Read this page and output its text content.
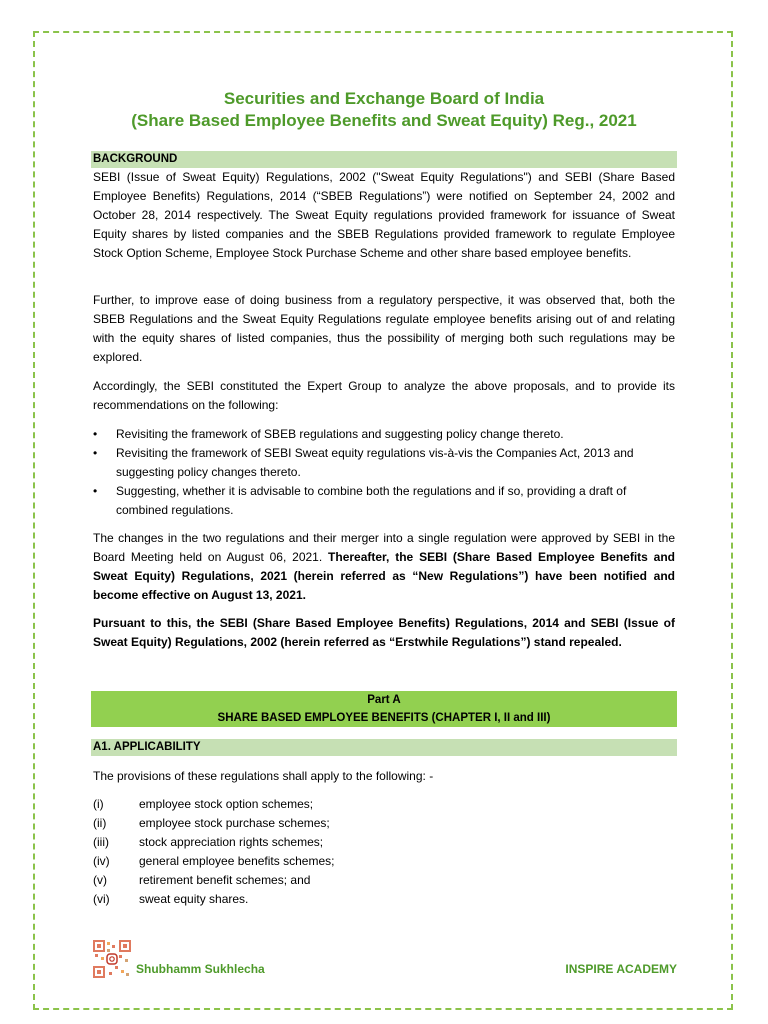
Securities and Exchange Board of India
(Share Based Employee Benefits and Sweat Equity) Reg., 2021
BACKGROUND

SEBI (Issue of Sweat Equity) Regulations, 2002 ("Sweat Equity Regulations") and SEBI (Share Based Employee Benefits) Regulations, 2014 (“SBEB Regulations”) were notified on September 24, 2002 and October 28, 2014 respectively. The Sweat Equity regulations provided framework for issuance of Sweat Equity shares by listed companies and the SBEB Regulations provided framework to regulate Employee Stock Option Scheme, Employee Stock Purchase Scheme and other share based employee benefits.

Further, to improve ease of doing business from a regulatory perspective, it was observed that, both the SBEB Regulations and the Sweat Equity Regulations regulate employee benefits arising out of and relating with the equity shares of listed companies, thus the possibility of merging both such regulations may be explored.

Accordingly, the SEBI constituted the Expert Group to analyze the above proposals, and to provide its recommendations on the following:

• Revisiting the framework of SBEB regulations and suggesting policy change thereto.
• Revisiting the framework of SEBI Sweat equity regulations vis-à-vis the Companies Act, 2013 and suggesting policy changes thereto.
• Suggesting, whether it is advisable to combine both the regulations and if so, providing a draft of combined regulations.

The changes in the two regulations and their merger into a single regulation were approved by SEBI in the Board Meeting held on August 06, 2021. Thereafter, the SEBI (Share Based Employee Benefits and Sweat Equity) Regulations, 2021 (herein referred as “New Regulations”) have been notified and become effective on August 13, 2021.

Pursuant to this, the SEBI (Share Based Employee Benefits) Regulations, 2014 and SEBI (Issue of Sweat Equity) Regulations, 2002 (herein referred as “Erstwhile Regulations”) stand repealed.

Part A
SHARE BASED EMPLOYEE BENEFITS (CHAPTER I, II and III)
A1. APPLICABILITY

The provisions of these regulations shall apply to the following: -

(i)	employee stock option schemes;
(ii)	employee stock purchase schemes;
(iii)	stock appreciation rights schemes;
(iv) general employee benefits schemes;
(v)	retirement benefit schemes; and
(vi) sweat equity shares.
Shubhamm Sukhlecha	INSPIRE ACADEMY
